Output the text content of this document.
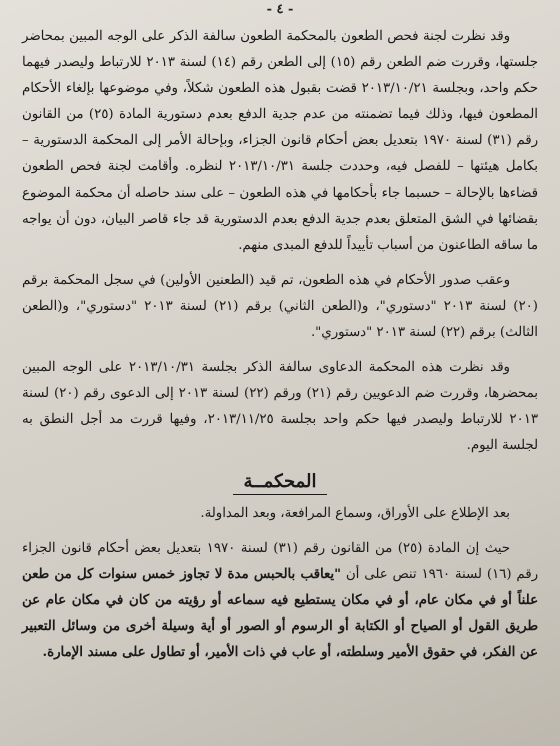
- ٤ -

وقد نظرت لجنة فحص الطعون بالمحكمة الطعون سالفة الذكر على الوجه المبين بمحاضر جلستها، وقررت ضم الطعن رقم (١٥) إلى الطعن رقم (١٤) لسنة ٢٠١٣ للارتباط وليصدر فيهما حكم واحد، وبجلسة ٢٠١٣/١٠/٢١ قضت بقبول هذه الطعون شكلاً، وفي موضوعها بإلغاء الأحكام المطعون فيها، وذلك فيما تضمنته من عدم جدية الدفع بعدم دستورية المادة (٢٥) من القانون رقم (٣١) لسنة ١٩٧٠ بتعديل بعض أحكام قانون الجزاء، وبإحالة الأمر إلى المحكمة الدستورية – بكامل هيئتها – للفصل فيه، وحددت جلسة ٢٠١٣/١٠/٣١ لنظره. وأقامت لجنة فحص الطعون قضاءها بالإحالة – حسبما جاء بأحكامها في هذه الطعون – على سند حاصله أن محكمة الموضوع بقضائها في الشق المتعلق بعدم جدية الدفع بعدم الدستورية قد جاء قاصر البيان، دون أن يواجه ما ساقه الطاعنون من أسباب تأييداً للدفع المبدى منهم.

وعقب صدور الأحكام في هذه الطعون، تم قيد (الطعنين الأولين) في سجل المحكمة برقم (٢٠) لسنة ٢٠١٣ "دستوري"، و(الطعن الثاني) برقم (٢١) لسنة ٢٠١٣ "دستوري"، و(الطعن الثالث) برقم (٢٢) لسنة ٢٠١٣ "دستوري".

وقد نظرت هذه المحكمة الدعاوى سالفة الذكر بجلسة ٢٠١٣/١٠/٣١ على الوجه المبين بمحضرها، وقررت ضم الدعويين رقم (٢١) ورقم (٢٢) لسنة ٢٠١٣ إلى الدعوى رقم (٢٠) لسنة ٢٠١٣ للارتباط وليصدر فيها حكم واحد بجلسة ٢٠١٣/١١/٢٥، وفيها قررت مد أجل النطق به لجلسة اليوم.

المحكمــة

بعد الإطلاع على الأوراق، وسماع المرافعة، وبعد المداولة.

حيث إن المادة (٢٥) من القانون رقم (٣١) لسنة ١٩٧٠ بتعديل بعض أحكام قانون الجزاء رقم (١٦) لسنة ١٩٦٠ تنص على أن "يعاقب بالحبس مدة لا تجاوز خمس سنوات كل من طعن علناً أو في مكان عام، أو في مكان يستطيع فيه سماعه أو رؤيته من كان في مكان عام عن طريق القول أو الصياح أو الكتابة أو الرسوم أو الصور أو أية وسيلة أخرى من وسائل التعبير عن الفكر، في حقوق الأمير وسلطته، أو عاب في ذات الأمير، أو تطاول على مسند الإمارة.
